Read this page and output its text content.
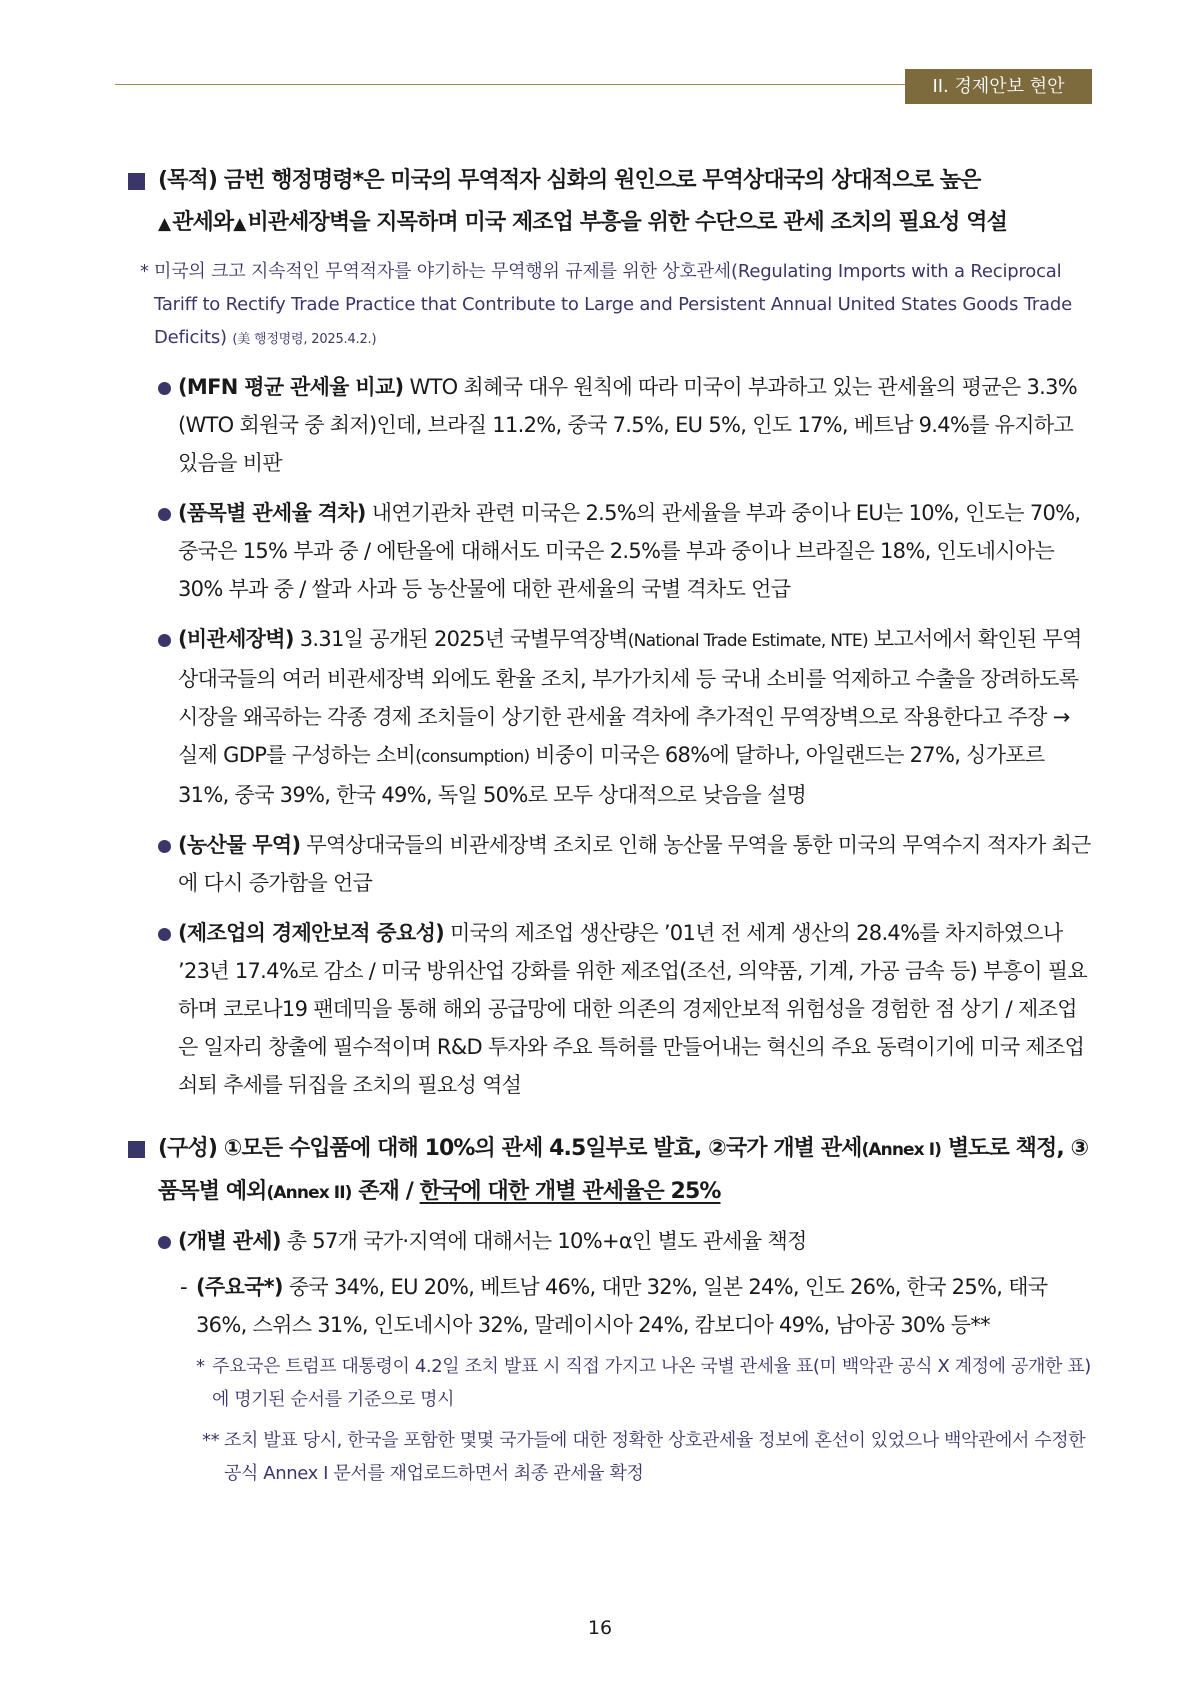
II. 경제안보 현안
(목적) 금번 행정명령*은 미국의 무역적자 심화의 원인으로 무역상대국의 상대적으로 높은
▲관세와▲비관세장벽을 지목하며 미국 제조업 부흥을 위한 수단으로 관세 조치의 필요성 역설
* 미국의 크고 지속적인 무역적자를 야기하는 무역행위 규제를 위한 상호관세(Regulating Imports with a Reciprocal Tariff to Rectify Trade Practice that Contribute to Large and Persistent Annual United States Goods Trade Deficits) (美 행정명령, 2025.4.2.)
(MFN 평균 관세율 비교) WTO 최혜국 대우 원칙에 따라 미국이 부과하고 있는 관세율의 평균은 3.3%(WTO 회원국 중 최저)인데, 브라질 11.2%, 중국 7.5%, EU 5%, 인도 17%, 베트남 9.4%를 유지하고 있음을 비판
(품목별 관세율 격차) 내연기관차 관련 미국은 2.5%의 관세율을 부과 중이나 EU는 10%, 인도는 70%, 중국은 15% 부과 중 / 에탄올에 대해서도 미국은 2.5%를 부과 중이나 브라질은 18%, 인도네시아는 30% 부과 중 / 쌀과 사과 등 농산물에 대한 관세율의 국별 격차도 언급
(비관세장벽) 3.31일 공개된 2025년 국별무역장벽(National Trade Estimate, NTE) 보고서에서 확인된 무역상대국들의 여러 비관세장벽 외에도 환율 조치, 부가가치세 등 국내 소비를 억제하고 수출을 장려하도록 시장을 왜곡하는 각종 경제 조치들이 상기한 관세율 격차에 추가적인 무역장벽으로 작용한다고 주장 → 실제 GDP를 구성하는 소비(consumption) 비중이 미국은 68%에 달하나, 아일랜드는 27%, 싱가포르 31%, 중국 39%, 한국 49%, 독일 50%로 모두 상대적으로 낮음을 설명
(농산물 무역) 무역상대국들의 비관세장벽 조치로 인해 농산물 무역을 통한 미국의 무역수지 적자가 최근에 다시 증가함을 언급
(제조업의 경제안보적 중요성) 미국의 제조업 생산량은 ’01년 전 세계 생산의 28.4%를 차지하였으나 ’23년 17.4%로 감소 / 미국 방위산업 강화를 위한 제조업(조선, 의약품, 기계, 가공 금속 등) 부흥이 필요하며 코로나19 팬데믹을 통해 해외 공급망에 대한 의존의 경제안보적 위험성을 경험한 점 상기 / 제조업은 일자리 창출에 필수적이며 R&D 투자와 주요 특허를 만들어내는 혁신의 주요 동력이기에 미국 제조업 쇠퇴 추세를 뒤집을 조치의 필요성 역설
(구성) ①모든 수입품에 대해 10%의 관세 4.5일부로 발효, ②국가 개별 관세(Annex I) 별도로 책정, ③품목별 예외(Annex II) 존재 / 한국에 대한 개별 관세율은 25%
(개별 관세) 총 57개 국가·지역에 대해서는 10%+α인 별도 관세율 책정
- (주요국*) 중국 34%, EU 20%, 베트남 46%, 대만 32%, 일본 24%, 인도 26%, 한국 25%, 태국 36%, 스위스 31%, 인도네시아 32%, 말레이시아 24%, 캄보디아 49%, 남아공 30% 등**
* 주요국은 트럼프 대통령이 4.2일 조치 발표 시 직접 가지고 나온 국별 관세율 표(미 백악관 공식 X 계정에 공개한 표)에 명기된 순서를 기준으로 명시
** 조치 발표 당시, 한국을 포함한 몇몇 국가들에 대한 정확한 상호관세율 정보에 혼선이 있었으나 백악관에서 수정한 공식 Annex I 문서를 재업로드하면서 최종 관세율 확정
16
